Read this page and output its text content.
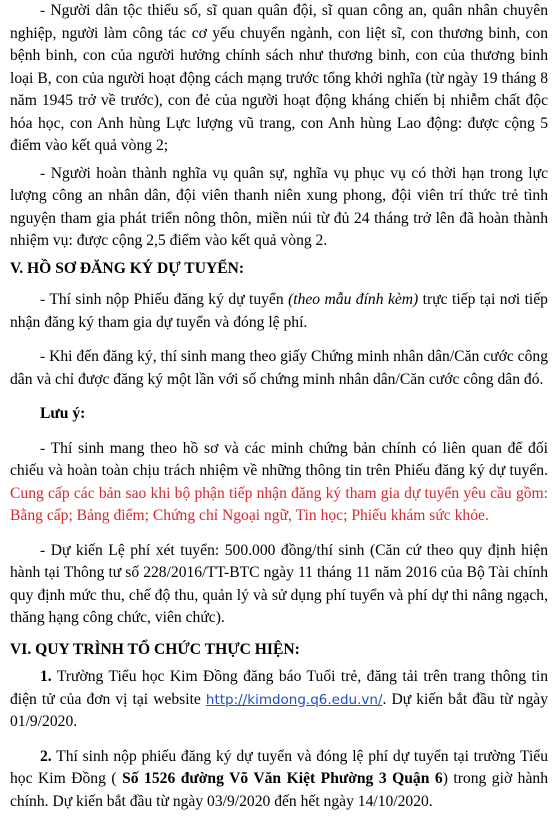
- Người dân tộc thiểu số, sĩ quan quân đội, sĩ quan công an, quân nhân chuyên nghiệp, người làm công tác cơ yếu chuyển ngành, con liệt sĩ, con thương binh, con bệnh binh, con của người hưởng chính sách như thương binh, con của thương binh loại B, con của người hoạt động cách mạng trước tổng khởi nghĩa (từ ngày 19 tháng 8 năm 1945 trở về trước), con đẻ của người hoạt động kháng chiến bị nhiễm chất độc hóa học, con Anh hùng Lực lượng vũ trang, con Anh hùng Lao động: được cộng 5 điểm vào kết quả vòng 2;

- Người hoàn thành nghĩa vụ quân sự, nghĩa vụ phục vụ có thời hạn trong lực lượng công an nhân dân, đội viên thanh niên xung phong, đội viên trí thức trẻ tình nguyện tham gia phát triển nông thôn, miền núi từ đủ 24 tháng trở lên đã hoàn thành nhiệm vụ: được cộng 2,5 điểm vào kết quả vòng 2.

V. HỒ SƠ ĐĂNG KÝ DỰ TUYỂN:

- Thí sinh nộp Phiếu đăng ký dự tuyển (theo mẫu đính kèm) trực tiếp tại nơi tiếp nhận đăng ký tham gia dự tuyển và đóng lệ phí.

- Khi đến đăng ký, thí sinh mang theo giấy Chứng minh nhân dân/Căn cước công dân và chỉ được đăng ký một lần với số chứng minh nhân dân/Căn cước công dân đó.

Lưu ý:

- Thí sinh mang theo hồ sơ và các minh chứng bản chính có liên quan để đối chiếu và hoàn toàn chịu trách nhiệm về những thông tin trên Phiếu đăng ký dự tuyển. Cung cấp các bản sao khi bộ phận tiếp nhận đăng ký tham gia dự tuyển yêu cầu gồm: Bằng cấp; Bảng điểm; Chứng chỉ Ngoại ngữ, Tin học; Phiếu khám sức khỏe.

- Dự kiến Lệ phí xét tuyển: 500.000 đồng/thí sinh (Căn cứ theo quy định hiện hành tại Thông tư số 228/2016/TT-BTC ngày 11 tháng 11 năm 2016 của Bộ Tài chính quy định mức thu, chế độ thu, quản lý và sử dụng phí tuyển và phí dự thi nâng ngạch, thăng hạng công chức, viên chức).

VI. QUY TRÌNH TỔ CHỨC THỰC HIỆN:

1. Trường Tiểu học Kim Đồng đăng báo Tuổi trẻ, đăng tải trên trang thông tin điện tử của đơn vị tại website http://kimdong.q6.edu.vn/. Dự kiến bắt đầu từ ngày 01/9/2020.

2. Thí sinh nộp phiếu đăng ký dự tuyển và đóng lệ phí dự tuyển tại trường Tiểu học Kim Đồng ( Số 1526 đường Võ Văn Kiệt Phường 3 Quận 6) trong giờ hành chính. Dự kiến bắt đầu từ ngày 03/9/2020 đến hết ngày 14/10/2020.
